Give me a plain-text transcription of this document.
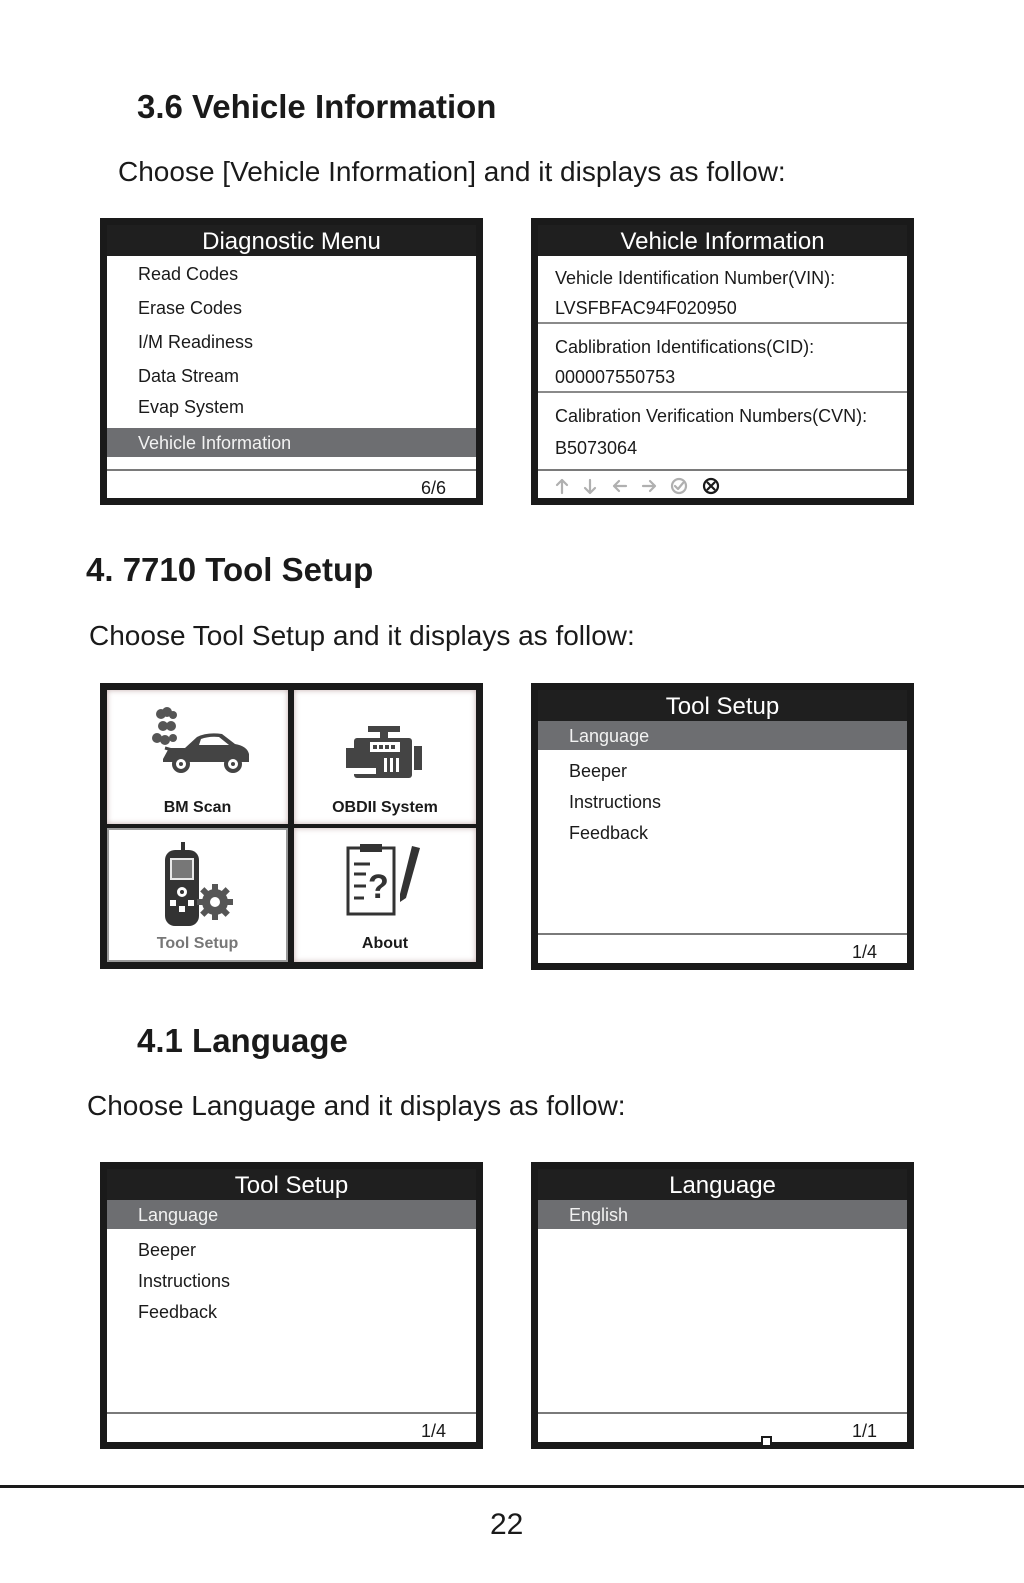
3.6 Vehicle Information
Choose [Vehicle Information] and it displays as follow:
Diagnostic Menu
Read Codes
Erase Codes
I/M Readiness
Data Stream
Evap System
Vehicle Information
6/6
Vehicle Information
Vehicle Identification Number(VIN):
LVSFBFAC94F020950
Cablibration Identifications(CID):
000007550753
Calibration Verification Numbers(CVN):
B5073064
4. 7710 Tool Setup
Choose Tool Setup and it displays as follow:
BM Scan	OBDII System
Tool Setup
?
About
Tool Setup
Language
Beeper
Instructions
Feedback
1/4
4.1 Language
Choose Language and it displays as follow:
Tool Setup
Language
Beeper
Instructions
Feedback
1/4
Language
English
1/1
22
